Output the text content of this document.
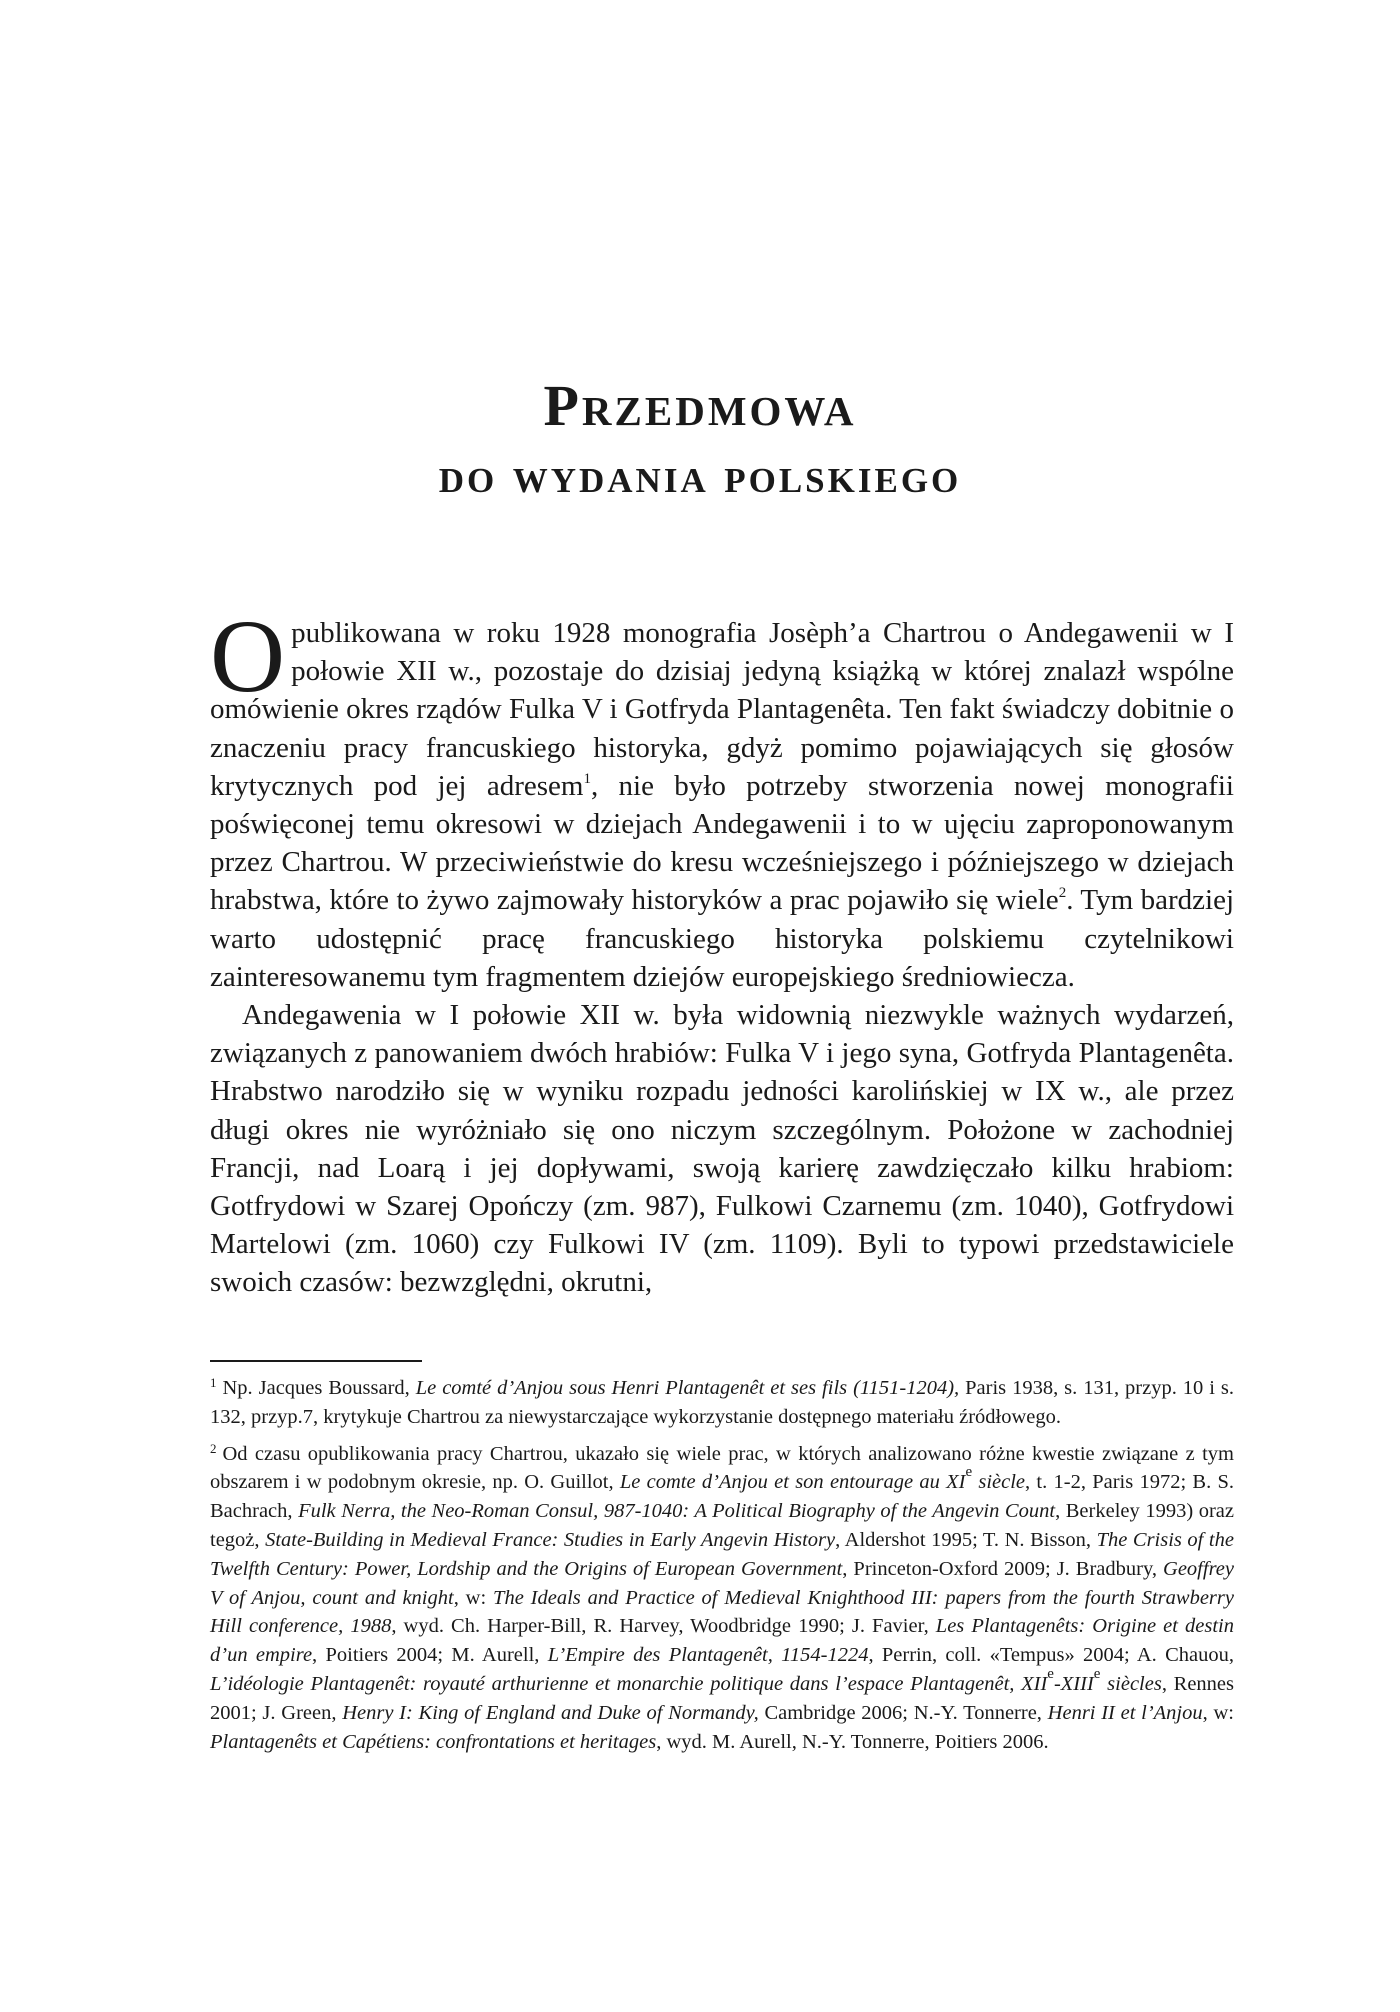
Przedmowa
do wydania polskiego

Opublikowana w roku 1928 monografia Josèph’a Chartrou o Andegawenii w I połowie XII w., pozostaje do dzisiaj jedyną książką w której znalazł wspólne omówienie okres rządów Fulka V i Gotfryda Plantagenêta. Ten fakt świadczy dobitnie o znaczeniu pracy francuskiego historyka, gdyż pomimo pojawiających się głosów krytycznych pod jej adresem$^1$, nie było potrzeby stworzenia nowej monografii poświęconej temu okresowi w dziejach Andegawenii i to w ujęciu zaproponowanym przez Chartrou. W przeciwieństwie do kresu wcześniejszego i późniejszego w dziejach hrabstwa, które to żywo zajmowały historyków a prac pojawiło się wiele$^2$. Tym bardziej warto udostępnić pracę francuskiego historyka polskiemu czytelnikowi zainteresowanemu tym fragmentem dziejów europejskiego średniowiecza.

Andegawenia w I połowie XII w. była widownią niezwykle ważnych wydarzeń, związanych z panowaniem dwóch hrabiów: Fulka V i jego syna, Gotfryda Plantagenêta. Hrabstwo narodziło się w wyniku rozpadu jedności karolińskiej w IX w., ale przez długi okres nie wyróżniało się ono niczym szczególnym. Położone w zachodniej Francji, nad Loarą i jej dopływami, swoją karierę zawdzięczało kilku hrabiom: Gotfrydowi w Szarej Opończy (zm. 987), Fulkowi Czarnemu (zm. 1040), Gotfrydowi Martelowi (zm. 1060) czy Fulkowi IV (zm. 1109). Byli to typowi przedstawiciele swoich czasów: bezwzględni, okrutni,

$^1$ Np. Jacques Boussard, Le comté d’Anjou sous Henri Plantagenêt et ses fils (1151-1204), Paris 1938, s. 131, przyp. 10 i s. 132, przyp.7, krytykuje Chartrou za niewystarczające wykorzystanie dostępnego materiału źródłowego.

$^2$ Od czasu opublikowania pracy Chartrou, ukazało się wiele prac, w których analizowano różne kwestie związane z tym obszarem i w podobnym okresie, np. O. Guillot, Le comte d’Anjou et son entourage au XIe siècle, t. 1-2, Paris 1972; B. S. Bachrach, Fulk Nerra, the Neo-Roman Consul, 987-1040: A Political Biography of the Angevin Count, Berkeley 1993) oraz tegoż, State-Building in Medieval France: Studies in Early Angevin History, Aldershot 1995; T. N. Bisson, The Crisis of the Twelfth Century: Power, Lordship and the Origins of European Government, Princeton-Oxford 2009; J. Bradbury, Geoffrey V of Anjou, count and knight, w: The Ideals and Practice of Medieval Knighthood III: papers from the fourth Strawberry Hill conference, 1988, wyd. Ch. Harper-Bill, R. Harvey, Woodbridge 1990; J. Favier, Les Plantagenêts: Origine et destin d’un empire, Poitiers 2004; M. Aurell, L’Empire des Plantagenêt, 1154-1224, Perrin, coll. «Tempus» 2004; A. Chauou, L’idéologie Plantagenêt: royauté arthurienne et monarchie politique dans l’espace Plantagenêt, XIIe-XIIIe siècles, Rennes 2001; J. Green, Henry I: King of England and Duke of Normandy, Cambridge 2006; N.-Y. Tonnerre, Henri II et l’Anjou, w: Plantagenêts et Capétiens: confrontations et heritages, wyd. M. Aurell, N.-Y. Tonnerre, Poitiers 2006.
